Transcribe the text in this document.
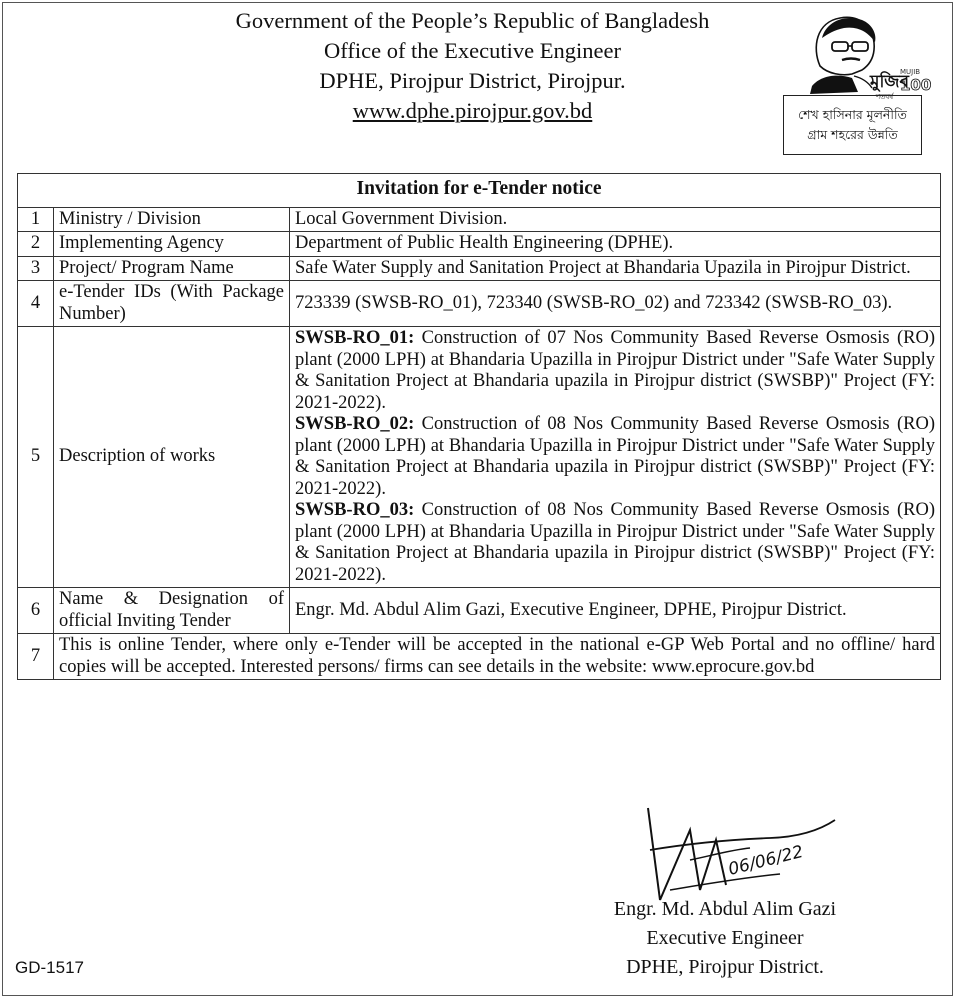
Government of the People’s Republic of Bangladesh
Office of the Executive Engineer
DPHE, Pirojpur District, Pirojpur.
www.dphe.pirojpur.gov.bd
মুজিব
MUJIB
100
শতবর্ষ
শেখ হাসিনার মূলনীতি
গ্রাম শহরের উন্নতি
Invitation for e-Tender notice		
1	Ministry / Division	Local Government Division.
2	Implementing Agency	Department of Public Health Engineering (DPHE).
3	Project/ Program Name	Safe Water Supply and Sanitation Project at Bhandaria Upazila in Pirojpur District.
4	e-Tender IDs (With Package Number)	723339 (SWSB-RO_01), 723340 (SWSB-RO_02) and 723342 (SWSB-RO_03).
5	Description of works	SWSB-RO_01: Construction of 07 Nos Community Based Reverse Osmosis (RO) plant (2000 LPH) at Bhandaria Upazilla in Pirojpur District under "Safe Water Supply & Sanitation Project at Bhandaria upazila in Pirojpur district (SWSBP)" Project (FY: 2021-2022).
SWSB-RO_02: Construction of 08 Nos Community Based Reverse Osmosis (RO) plant (2000 LPH) at Bhandaria Upazilla in Pirojpur District under "Safe Water Supply & Sanitation Project at Bhandaria upazila in Pirojpur district (SWSBP)" Project (FY: 2021-2022).
SWSB-RO_03: Construction of 08 Nos Community Based Reverse Osmosis (RO) plant (2000 LPH) at Bhandaria Upazilla in Pirojpur District under "Safe Water Supply & Sanitation Project at Bhandaria upazila in Pirojpur district (SWSBP)" Project (FY: 2021-2022).

6	Name & Designation of official Inviting Tender	Engr. Md. Abdul Alim Gazi, Executive Engineer, DPHE, Pirojpur District.
7	This is online Tender, where only e-Tender will be accepted in the national e-GP Web Portal and no offline/ hard copies will be accepted. Interested persons/ firms can see details in the website: www.eprocure.gov.bd	
06/06/22
Engr. Md. Abdul Alim Gazi
Executive Engineer
DPHE, Pirojpur District.
GD-1517
